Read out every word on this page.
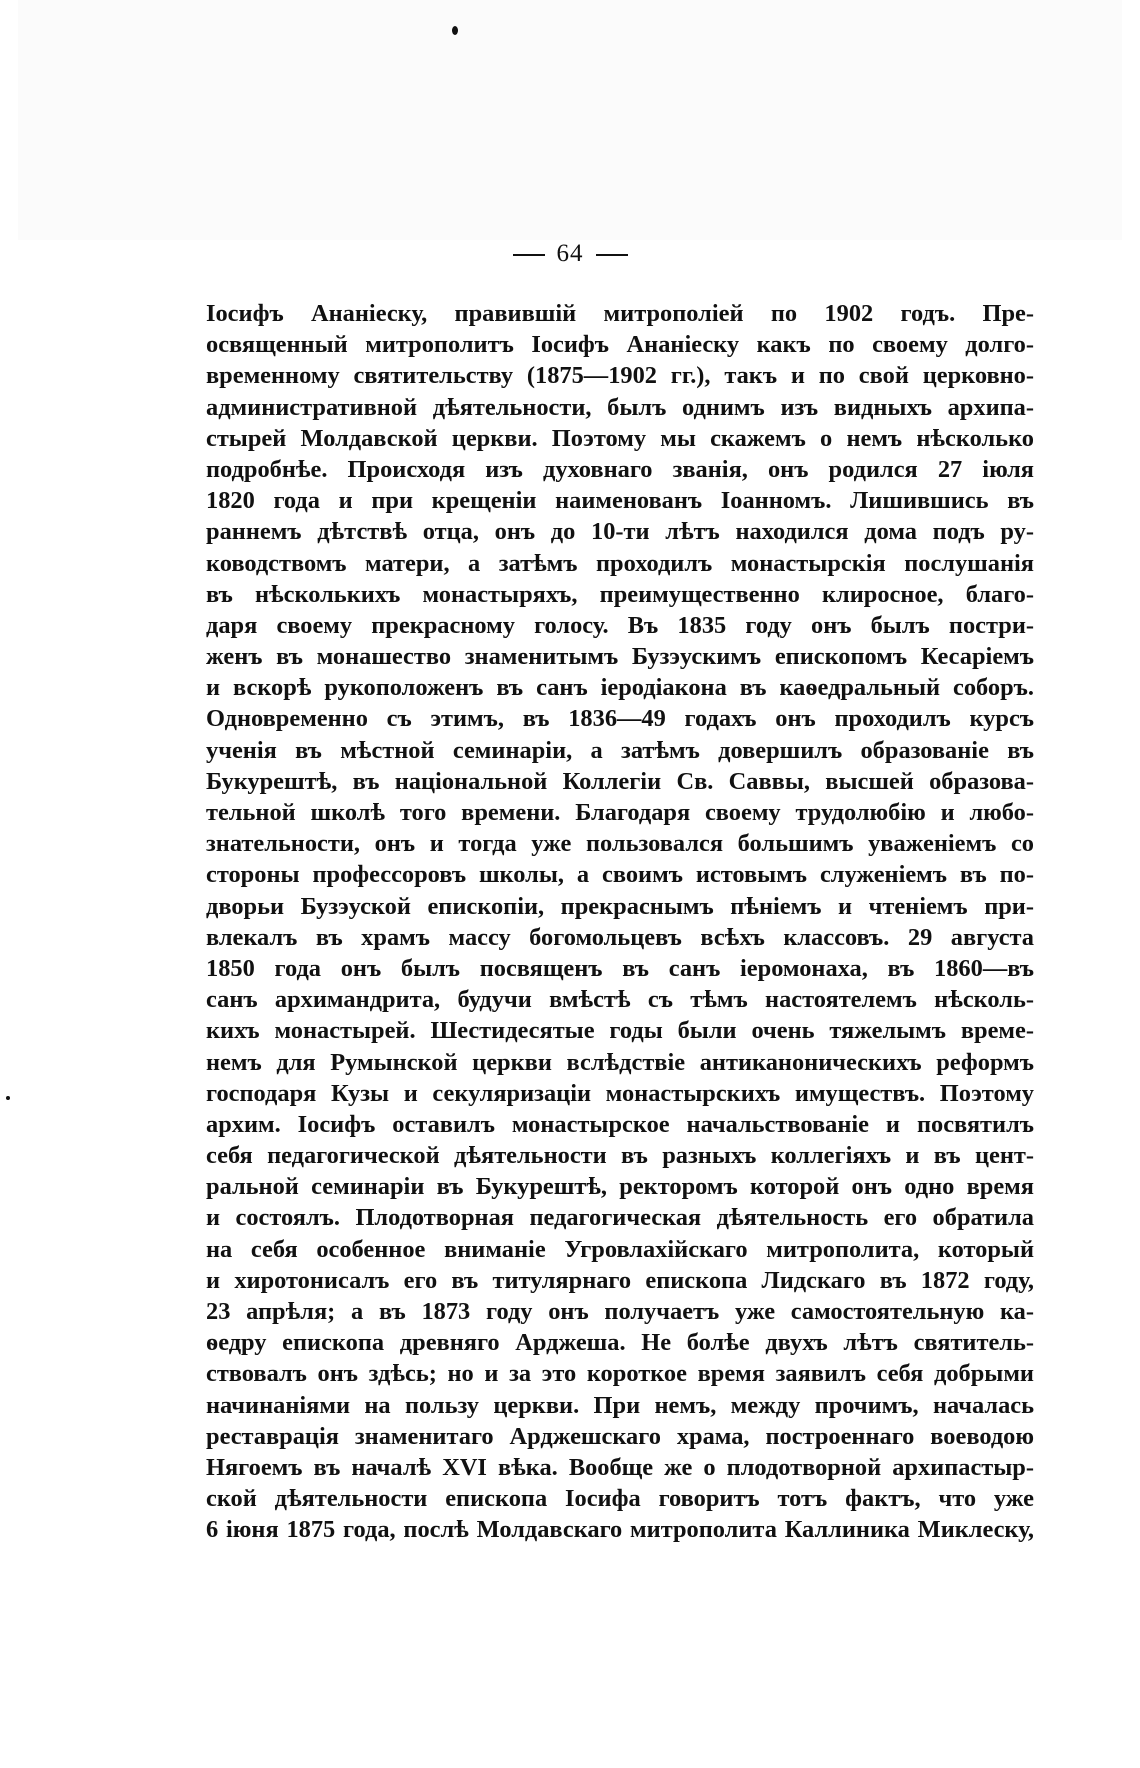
64
Іосифъ Ананіеску, правившій митрополіей по 1902 годъ. Пре-
освященный митрополитъ Іосифъ Ананіеску какъ по своему долго-
временному святительству (1875—1902 гг.), такъ и по свой церковно-
административной дѣятельности, былъ однимъ изъ видныхъ архипа-
стырей Молдавской церкви. Поэтому мы скажемъ о немъ нѣсколько
подробнѣе. Происходя изъ духовнаго званія, онъ родился 27 іюля
1820 года и при крещеніи наименованъ Іоанномъ. Лишившись въ
раннемъ дѣтствѣ отца, онъ до 10-ти лѣтъ находился дома подъ ру-
ководствомъ матери, а затѣмъ проходилъ монастырскія послушанія
въ нѣсколькихъ монастыряхъ, преимущественно клиросное, благо-
даря своему прекрасному голосу. Въ 1835 году онъ былъ постри-
женъ въ монашество знаменитымъ Бузэускимъ епископомъ Кесаріемъ
и вскорѣ рукоположенъ въ санъ іеродіакона въ каѳедральный соборъ.
Одновременно съ этимъ, въ 1836—49 годахъ онъ проходилъ курсъ
ученія въ мѣстной семинаріи, а затѣмъ довершилъ образованіе въ
Букурештѣ, въ національной Коллегіи Св. Саввы, высшей образова-
тельной школѣ того времени. Благодаря своему трудолюбію и любо-
знательности, онъ и тогда уже пользовался большимъ уваженіемъ со
стороны профессоровъ школы, а своимъ истовымъ служеніемъ въ по-
дворьи Бузэуской епископіи, прекраснымъ пѣніемъ и чтеніемъ при-
влекалъ въ храмъ массу богомольцевъ всѣхъ классовъ. 29 августа
1850 года онъ былъ посвященъ въ санъ іеромонаха, въ 1860—въ
санъ архимандрита, будучи вмѣстѣ съ тѣмъ настоятелемъ нѣсколь-
кихъ монастырей. Шестидесятые годы были очень тяжелымъ време-
немъ для Румынской церкви вслѣдствіе антиканоническихъ реформъ
господаря Кузы и секуляризаціи монастырскихъ имуществъ. Поэтому
архим. Іосифъ оставилъ монастырское начальствованіе и посвятилъ
себя педагогической дѣятельности въ разныхъ коллегіяхъ и въ цент-
ральной семинаріи въ Букурештѣ, ректоромъ которой онъ одно время
и состоялъ. Плодотворная педагогическая дѣятельность его обратила
на себя особенное вниманіе Угровлахійскаго митрополита, который
и хиротонисалъ его въ титулярнаго епископа Лидскаго въ 1872 году,
23 апрѣля; а въ 1873 году онъ получаетъ уже самостоятельную ка-
ѳедру епископа древняго Арджеша. Не болѣе двухъ лѣтъ святитель-
ствовалъ онъ здѣсь; но и за это короткое время заявилъ себя добрыми
начинаніями на пользу церкви. При немъ, между прочимъ, началась
реставрація знаменитаго Арджешскаго храма, построеннаго воеводою
Нягоемъ въ началѣ XVI вѣка. Вообще же о плодотворной архипастыр-
ской дѣятельности епископа Іосифа говоритъ тотъ фактъ, что уже
6 іюня 1875 года, послѣ Молдавскаго митрополита Каллиника Миклеску,
